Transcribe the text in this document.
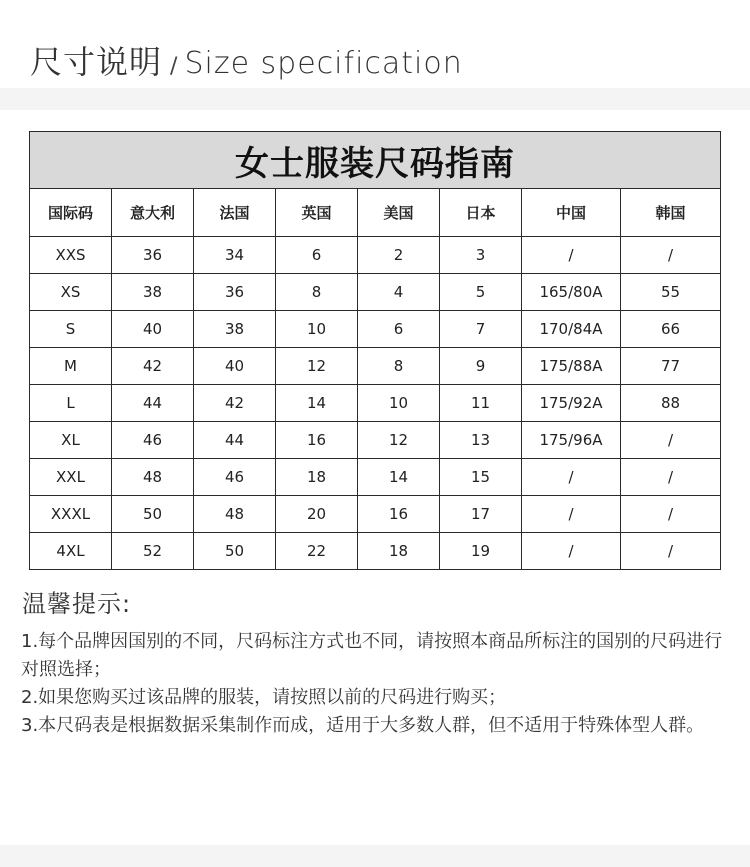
尺寸说明 / Size specification
女士服装尺码指南							
国际码	意大利	法国	英国	美国	日本	中国	韩国
XXS	36	34	6	2	3	/	/
XS	38	36	8	4	5	165/80A	55
S	40	38	10	6	7	170/84A	66
M	42	40	12	8	9	175/88A	77
L	44	42	14	10	11	175/92A	88
XL	46	44	16	12	13	175/96A	/
XXL	48	46	18	14	15	/	/
XXXL	50	48	20	16	17	/	/
4XL	52	50	22	18	19	/	/
温馨提示:

1.每个品牌因国别的不同，尺码标注方式也不同，请按照本商品所标注的国别的尺码进行对照选择；

2.如果您购买过该品牌的服装，请按照以前的尺码进行购买；

3.本尺码表是根据数据采集制作而成，适用于大多数人群，但不适用于特殊体型人群。
